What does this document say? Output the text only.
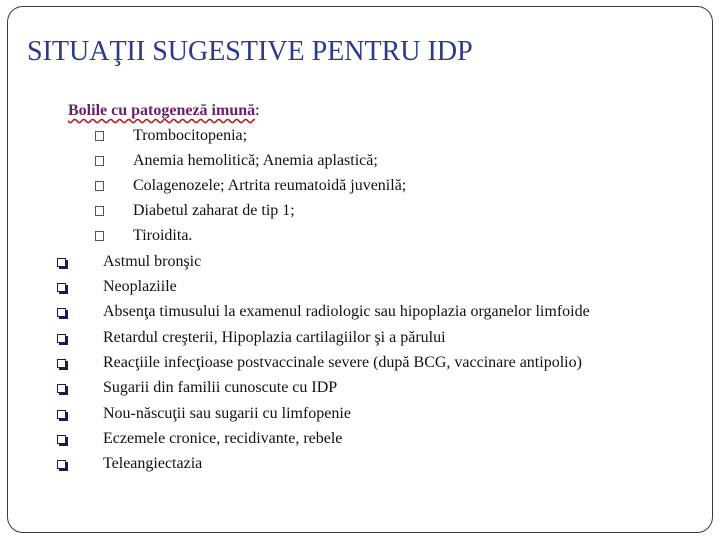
SITUAŢII SUGESTIVE PENTRU IDP
Bolile cu patogeneză imună:
Trombocitopenia;
Anemia hemolitică; Anemia aplastică;
Colagenozele; Artrita reumatoidă juvenilă;
Diabetul zaharat de tip 1;
Tiroidita.
Astmul bronşic
Neoplaziile
Absenţa timusului la examenul radiologic sau hipoplazia organelor limfoide
Retardul creşterii, Hipoplazia cartilagiilor şi a părului
Reacţiile infecţioase postvaccinale severe (după BCG, vaccinare antipolio)
Sugarii din familii cunoscute cu IDP
Nou-născuţii sau sugarii cu limfopenie
Eczemele cronice, recidivante, rebele
Teleangiectazia
